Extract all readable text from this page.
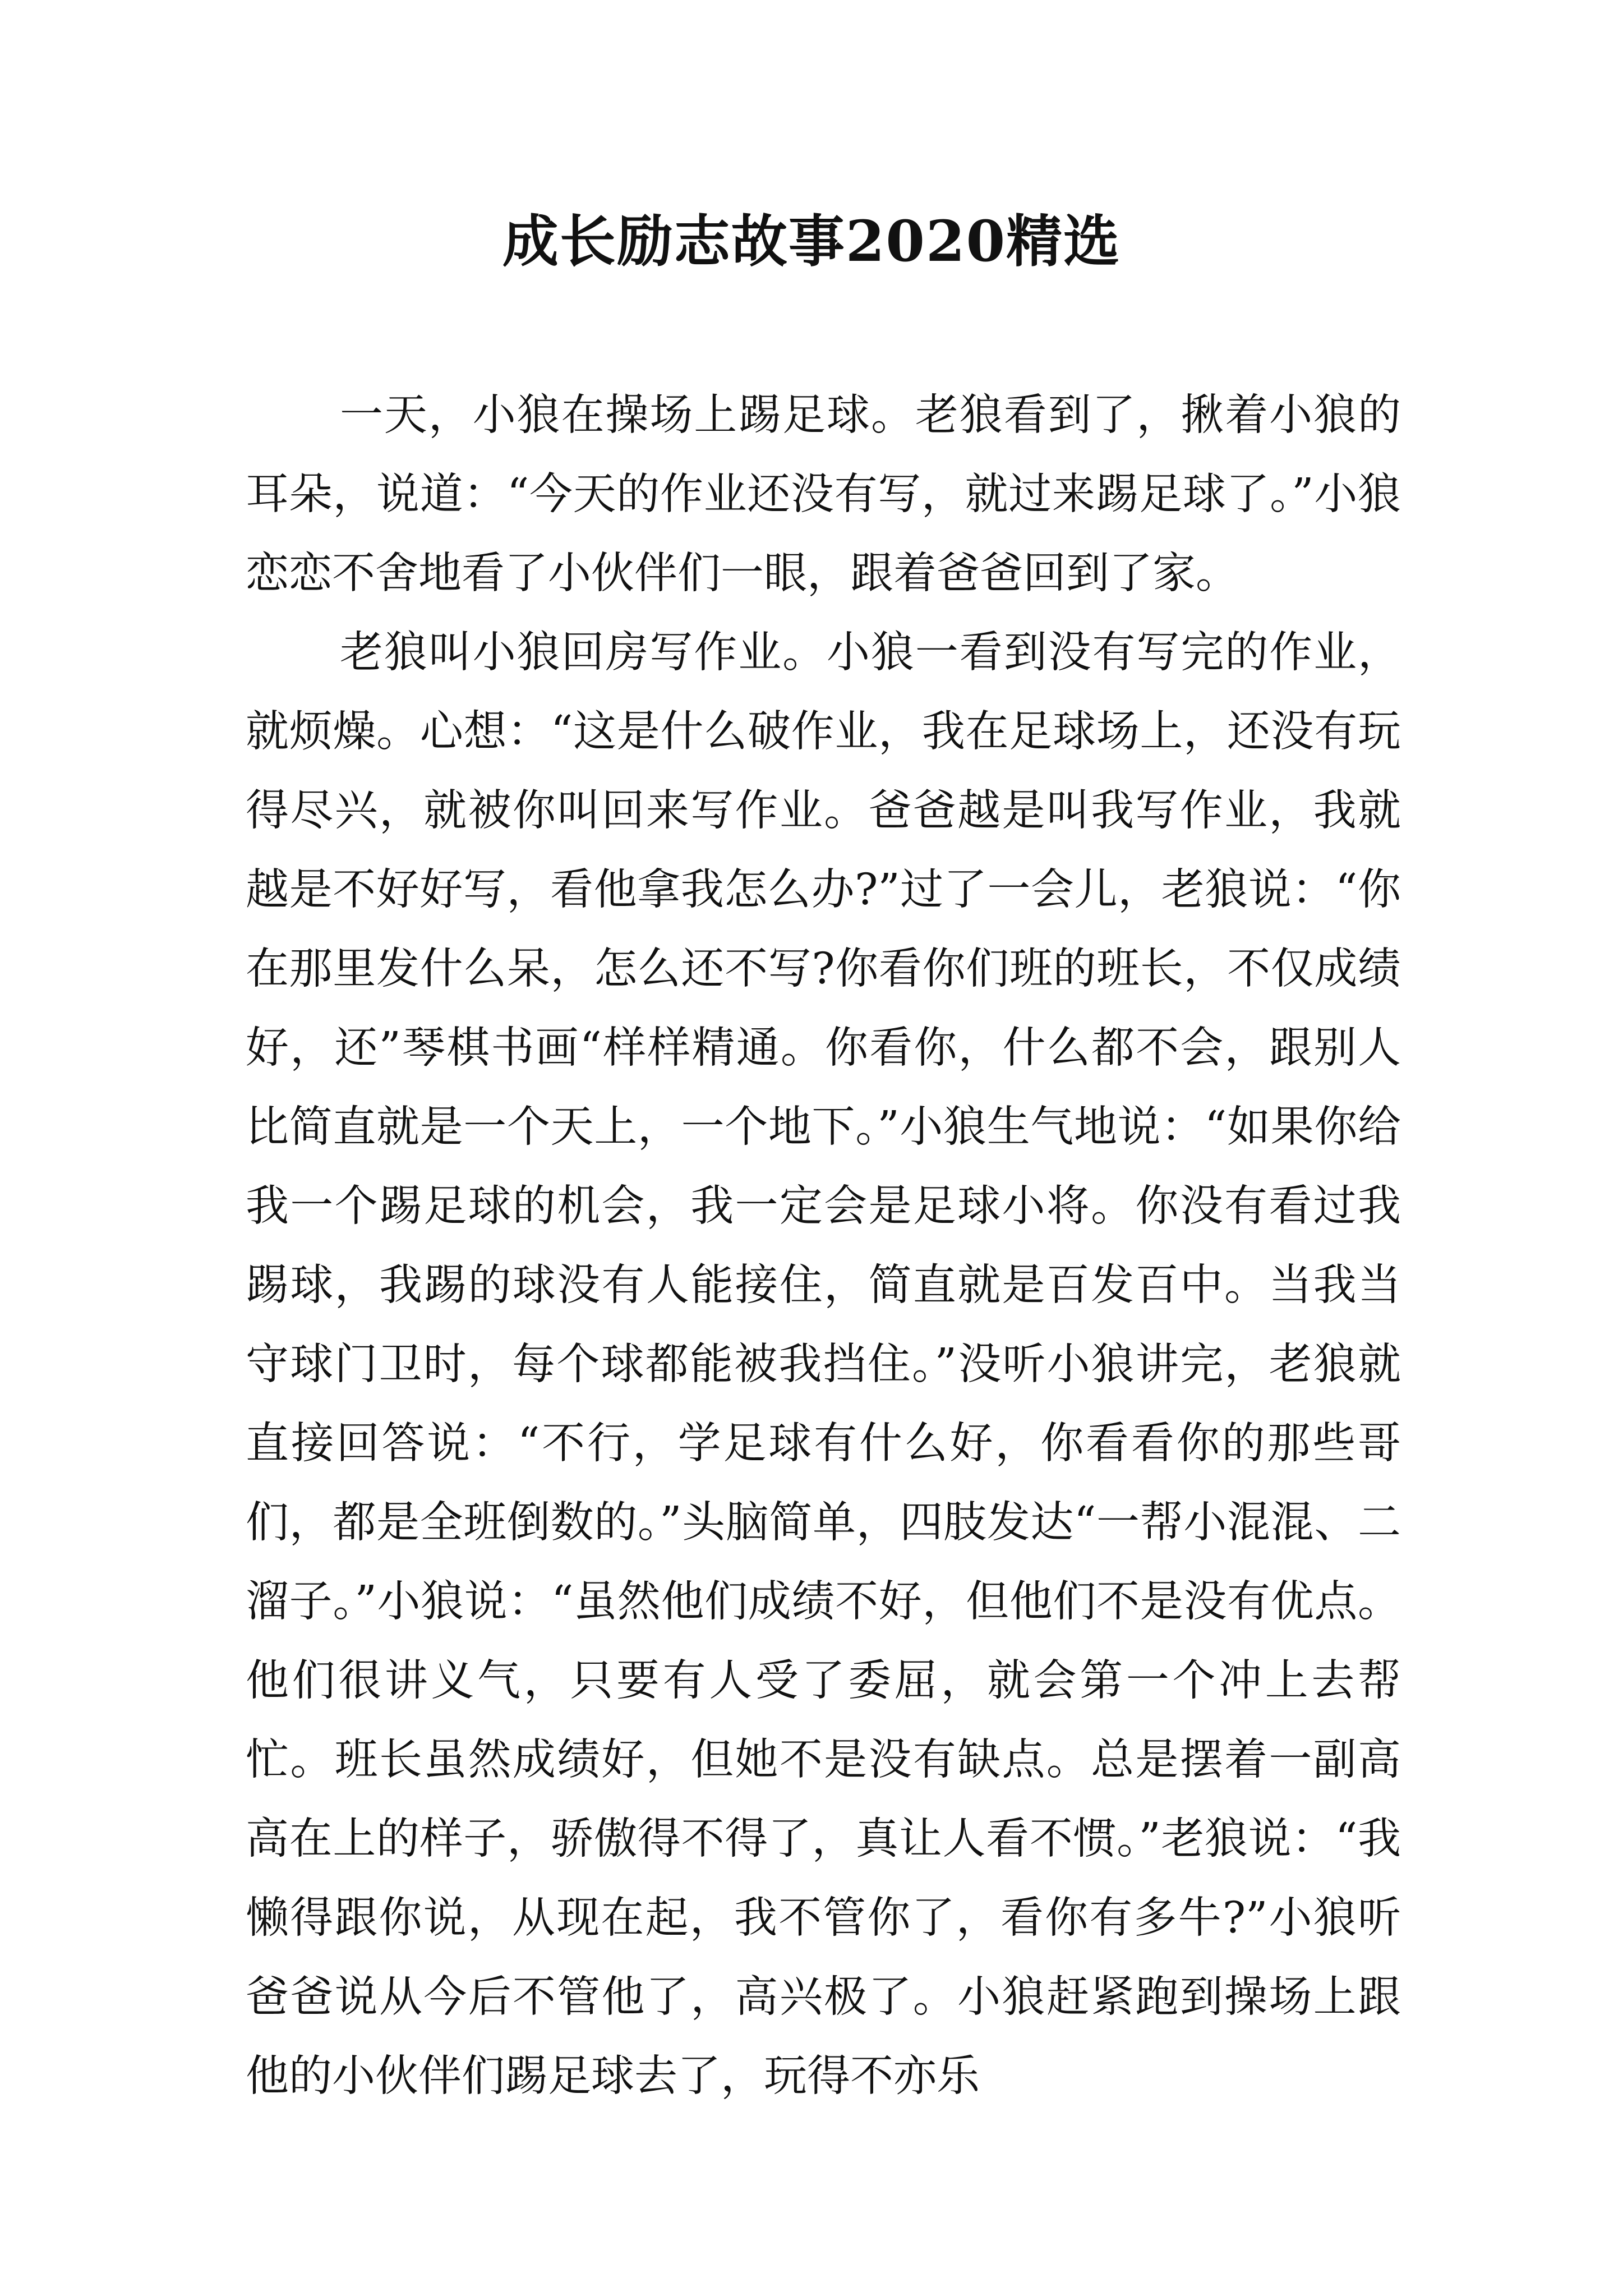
成长励志故事2020精选

一天，小狼在操场上踢足球。老狼看到了，揪着小狼的耳朵，说道：“今天的作业还没有写，就过来踢足球了。”小狼恋恋不舍地看了小伙伴们一眼，跟着爸爸回到了家。

老狼叫小狼回房写作业。小狼一看到没有写完的作业，就烦燥。心想：“这是什么破作业，我在足球场上，还没有玩得尽兴，就被你叫回来写作业。爸爸越是叫我写作业，我就越是不好好写，看他拿我怎么办?”过了一会儿，老狼说：“你在那里发什么呆，怎么还不写?你看你们班的班长，不仅成绩好，还”琴棋书画“样样精通。你看你，什么都不会，跟别人比简直就是一个天上，一个地下。”小狼生气地说：“如果你给我一个踢足球的机会，我一定会是足球小将。你没有看过我踢球，我踢的球没有人能接住，简直就是百发百中。当我当守球门卫时，每个球都能被我挡住。”没听小狼讲完，老狼就直接回答说：“不行，学足球有什么好，你看看你的那些哥们，都是全班倒数的。”头脑简单，四肢发达“一帮小混混、二溜子。”小狼说：“虽然他们成绩不好，但他们不是没有优点。他们很讲义气，只要有人受了委屈，就会第一个冲上去帮忙。班长虽然成绩好，但她不是没有缺点。总是摆着一副高高在上的样子，骄傲得不得了，真让人看不惯。”老狼说：“我懒得跟你说，从现在起，我不管你了，看你有多牛?”小狼听爸爸说从今后不管他了，高兴极了。小狼赶紧跑到操场上跟他的小伙伴们踢足球去了，玩得不亦乐
